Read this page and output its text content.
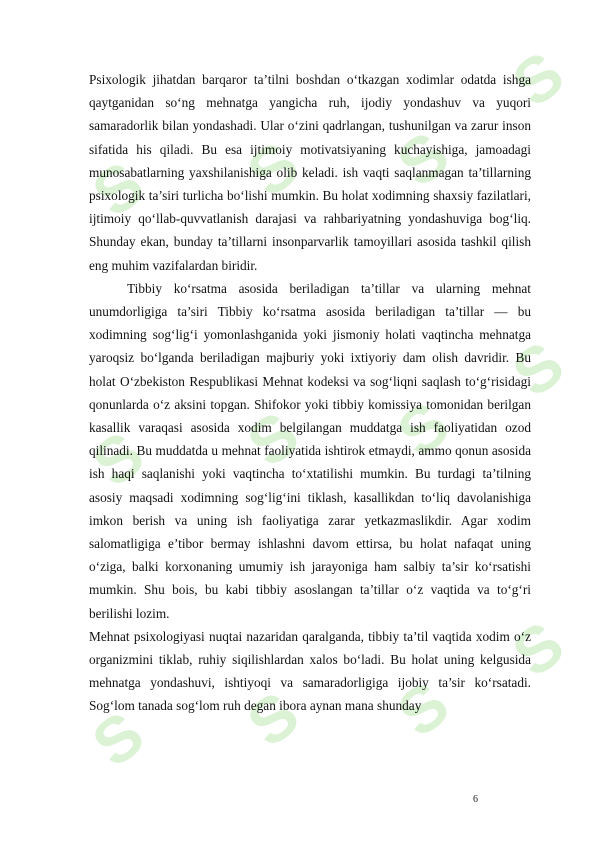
S S S
S
S S S
S
S S S
S

Psixologik jihatdan barqaror ta’tilni boshdan o‘tkazgan xodimlar odatda ishga qaytganidan so‘ng mehnatga yangicha ruh, ijodiy yondashuv va yuqori samaradorlik bilan yondashadi. Ular o‘zini qadrlangan, tushunilgan va zarur inson sifatida his qiladi. Bu esa ijtimoiy motivatsiyaning kuchayishiga, jamoadagi munosabatlarning yaxshilanishiga olib keladi. ish vaqti saqlanmagan ta’tillarning psixologik ta’siri turlicha bo‘lishi mumkin. Bu holat xodimning shaxsiy fazilatlari, ijtimoiy qo‘llab-quvvatlanish darajasi va rahbariyatning yondashuviga bog‘liq. Shunday ekan, bunday ta’tillarni insonparvarlik tamoyillari asosida tashkil qilish eng muhim vazifalardan biridir.

Tibbiy ko‘rsatma asosida beriladigan ta’tillar va ularning mehnat unumdorligiga ta’siri Tibbiy ko‘rsatma asosida beriladigan ta’tillar — bu xodimning sog‘lig‘i yomonlashganida yoki jismoniy holati vaqtincha mehnatga yaroqsiz bo‘lganda beriladigan majburiy yoki ixtiyoriy dam olish davridir. Bu holat O‘zbekiston Respublikasi Mehnat kodeksi va sog‘liqni saqlash to‘g‘risidagi qonunlarda o‘z aksini topgan. Shifokor yoki tibbiy komissiya tomonidan berilgan kasallik varaqasi asosida xodim belgilangan muddatga ish faoliyatidan ozod qilinadi. Bu muddatda u mehnat faoliyatida ishtirok etmaydi, ammo qonun asosida ish haqi saqlanishi yoki vaqtincha to‘xtatilishi mumkin. Bu turdagi ta’tilning asosiy maqsadi xodimning sog‘lig‘ini tiklash, kasallikdan to‘liq davolanishiga imkon berish va uning ish faoliyatiga zarar yetkazmaslikdir. Agar xodim salomatligiga e’tibor bermay ishlashni davom ettirsa, bu holat nafaqat uning o‘ziga, balki korxonaning umumiy ish jarayoniga ham salbiy ta’sir ko‘rsatishi mumkin. Shu bois, bu kabi tibbiy asoslangan ta’tillar o‘z vaqtida va to‘g‘ri berilishi lozim.

Mehnat psixologiyasi nuqtai nazaridan qaralganda, tibbiy ta’til vaqtida xodim o‘z organizmini tiklab, ruhiy siqilishlardan xalos bo‘ladi. Bu holat uning kelgusida mehnatga yondashuvi, ishtiyoqi va samaradorligiga ijobiy ta’sir ko‘rsatadi. Sog‘lom tanada sog‘lom ruh degan ibora aynan mana shunday

6
